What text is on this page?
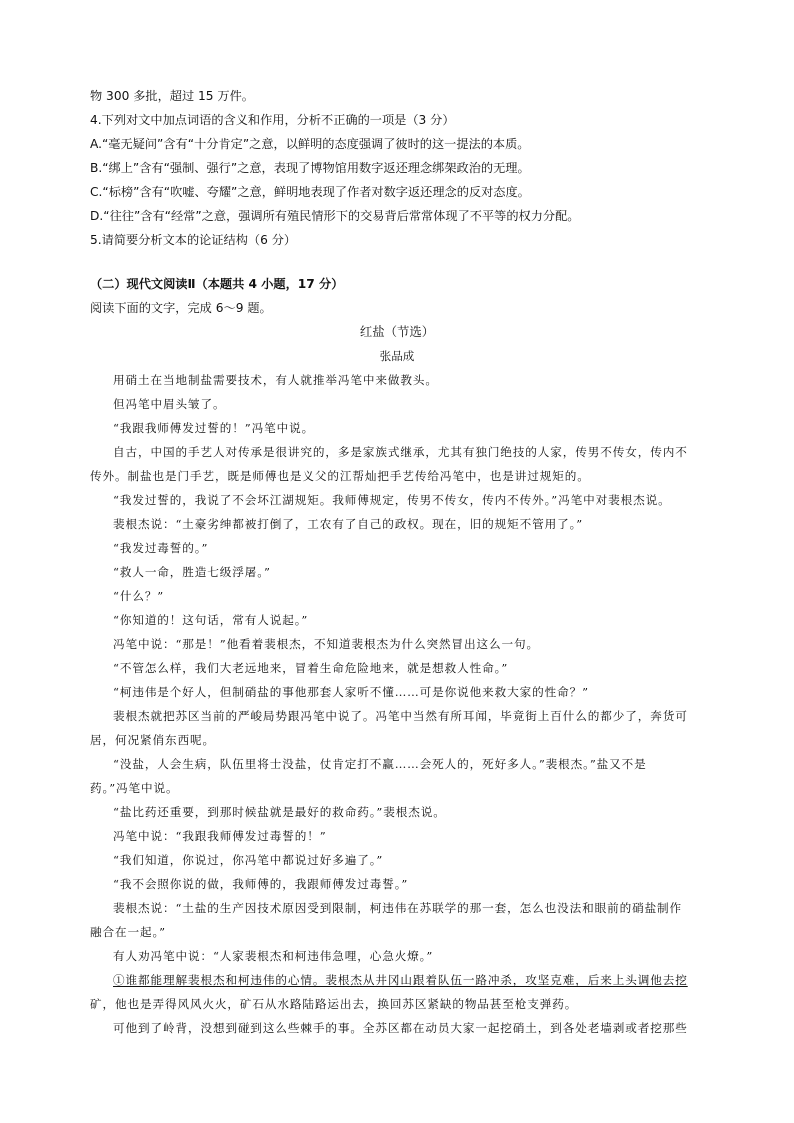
物 300 多批，超过 15 万件。
4.下列对文中加点词语的含义和作用，分析不正确的一项是（3 分）
A.“毫无疑问”含有“十分肯定”之意，以鲜明的态度强调了彼时的这一提法的本质。
B.“绑上”含有“强制、强行”之意，表现了博物馆用数字返还理念绑架政治的无理。
C.“标榜”含有“吹嘘、夸耀”之意，鲜明地表现了作者对数字返还理念的反对态度。
D.“往往”含有“经常”之意，强调所有殖民情形下的交易背后常常体现了不平等的权力分配。
5.请简要分析文本的论证结构（6 分）
（二）现代文阅读Ⅱ（本题共 4 小题，17 分）
阅读下面的文字，完成 6～9 题。
红盐（节选）
张品成
用硝土在当地制盐需要技术，有人就推举冯笔中来做教头。
但冯笔中眉头皱了。
“我跟我师傅发过誓的！”冯笔中说。
自古，中国的手艺人对传承是很讲究的，多是家族式继承，尤其有独门绝技的人家，传男不传女，传内不
传外。制盐也是门手艺，既是师傅也是义父的江帮灿把手艺传给冯笔中，也是讲过规矩的。
“我发过誓的，我说了不会坏江湖规矩。我师傅规定，传男不传女，传内不传外。”冯笔中对裴根杰说。
裴根杰说：“土豪劣绅都被打倒了，工农有了自己的政权。现在，旧的规矩不管用了。”
“我发过毒誓的。”
“救人一命，胜造七级浮屠。”
“什么？”
“你知道的！这句话，常有人说起。”
冯笔中说：“那是！”他看着裴根杰，不知道裴根杰为什么突然冒出这么一句。
“不管怎么样，我们大老远地来，冒着生命危险地来，就是想救人性命。”
“柯违伟是个好人，但制硝盐的事他那套人家听不懂……可是你说他来救大家的性命？”
裴根杰就把苏区当前的严峻局势跟冯笔中说了。冯笔中当然有所耳闻，毕竟街上百什么的都少了，奔货可
居，何况紧俏东西呢。
“没盐，人会生病，队伍里将士没盐，仗肯定打不赢……会死人的，死好多人。”裴根杰。”盐又不是
药。”冯笔中说。
“盐比药还重要，到那时候盐就是最好的救命药。”裴根杰说。
冯笔中说：“我跟我师傅发过毒誓的！”
“我们知道，你说过，你冯笔中都说过好多遍了。”
“我不会照你说的做，我师傅的，我跟师傅发过毒誓。”
裴根杰说：“土盐的生产因技术原因受到限制，柯违伟在苏联学的那一套，怎么也没法和眼前的硝盐制作
融合在一起。”
有人劝冯笔中说：“人家裴根杰和柯违伟急哩，心急火燎。”
①谁都能理解裴根杰和柯违伟的心情。裴根杰从井冈山跟着队伍一路冲杀，攻坚克难，后来上头调他去挖
矿，他也是弄得风风火火，矿石从水路陆路运出去，换回苏区紧缺的物品甚至枪支弹药。
可他到了岭背，没想到碰到这么些棘手的事。全苏区都在动员大家一起挖硝土，到各处老墙剥或者挖那些
